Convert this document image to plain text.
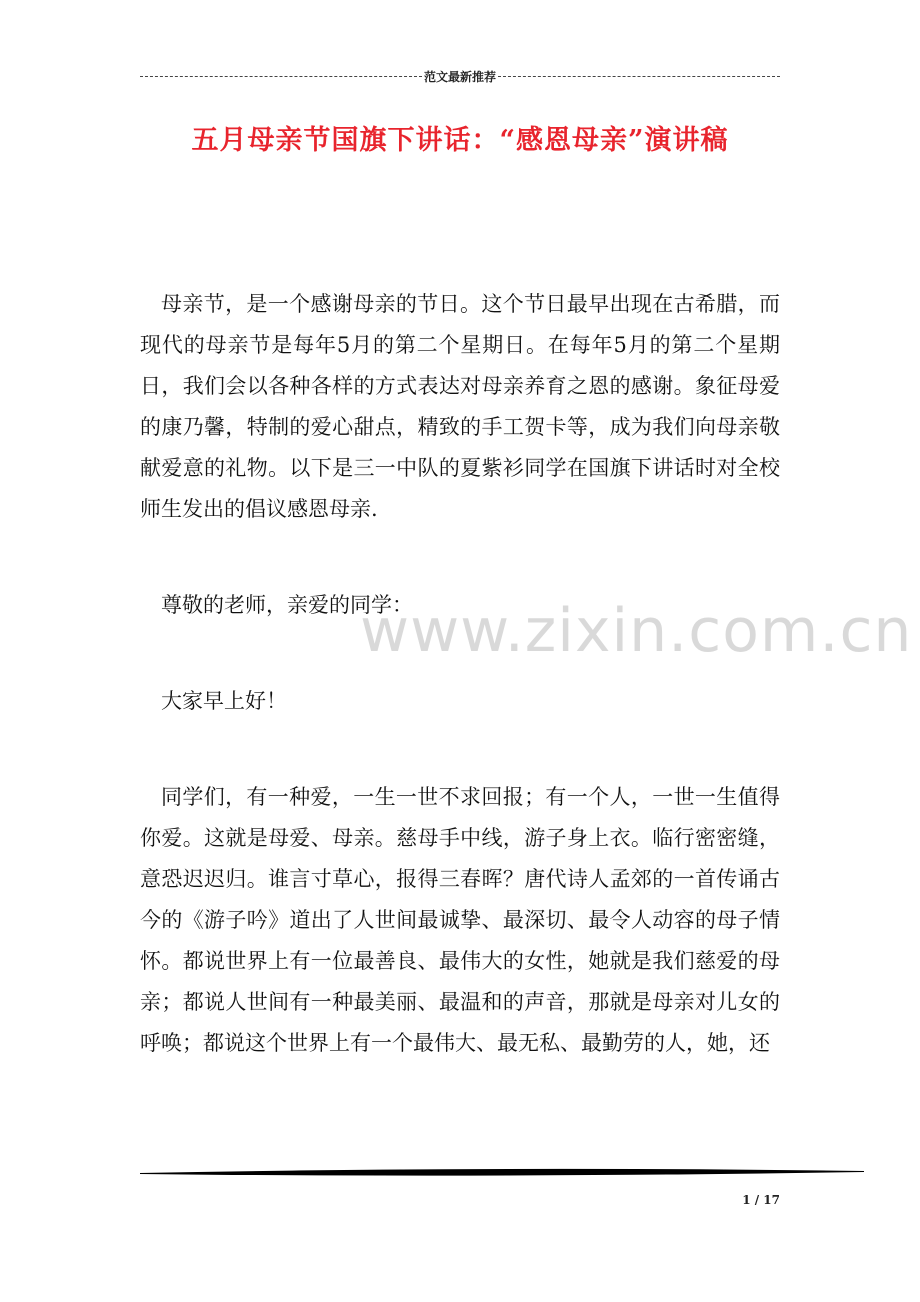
范文最新推荐
五月母亲节国旗下讲话：“感恩母亲”演讲稿

母亲节，是一个感谢母亲的节日。这个节日最早出现在古希腊，而现代的母亲节是每年5月的第二个星期日。在每年5月的第二个星期日，我们会以各种各样的方式表达对母亲养育之恩的感谢。象征母爱的康乃馨，特制的爱心甜点，精致的手工贺卡等，成为我们向母亲敬献爱意的礼物。以下是三一中队的夏紫衫同学在国旗下讲话时对全校师生发出的倡议感恩母亲.

尊敬的老师，亲爱的同学：

大家早上好！

同学们，有一种爱，一生一世不求回报；有一个人，一世一生值得你爱。这就是母爱、母亲。慈母手中线，游子身上衣。临行密密缝，意恐迟迟归。谁言寸草心，报得三春晖？唐代诗人孟郊的一首传诵古今的《游子吟》道出了人世间最诚挚、最深切、最令人动容的母子情怀。都说世界上有一位最善良、最伟大的女性，她就是我们慈爱的母亲；都说人世间有一种最美丽、最温和的声音，那就是母亲对儿女的呼唤；都说这个世界上有一个最伟大、最无私、最勤劳的人，她，还

www.zixin.com.cn
1 / 17
